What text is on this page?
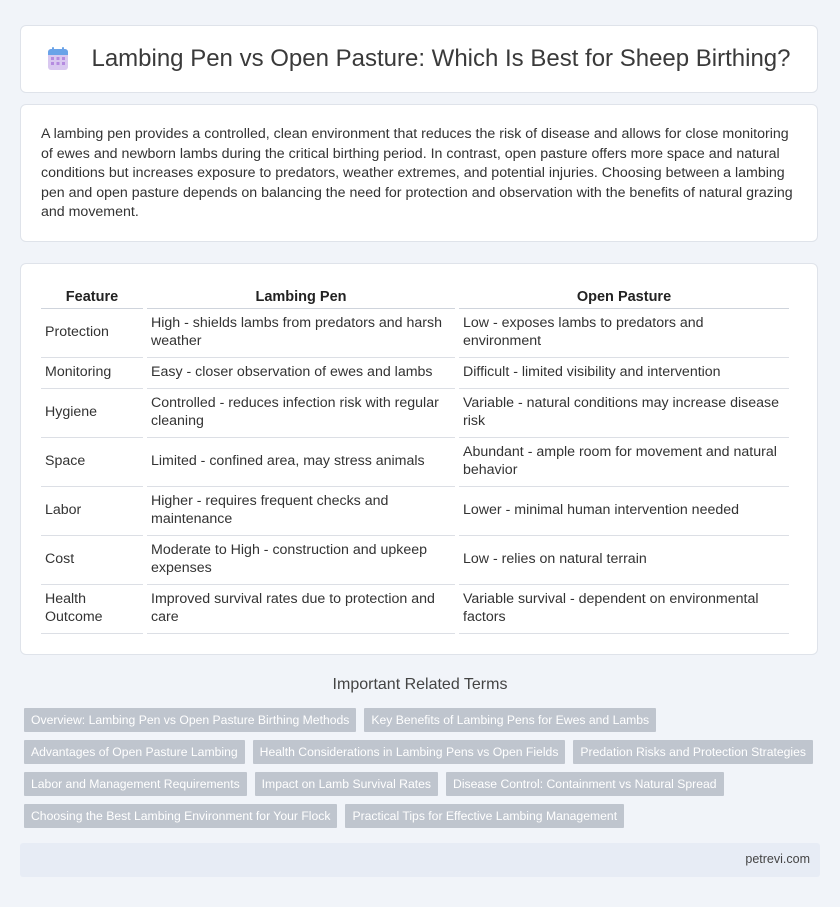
Lambing Pen vs Open Pasture: Which Is Best for Sheep Birthing?

A lambing pen provides a controlled, clean environment that reduces the risk of disease and allows for close monitoring of ewes and newborn lambs during the critical birthing period. In contrast, open pasture offers more space and natural conditions but increases exposure to predators, weather extremes, and potential injuries. Choosing between a lambing pen and open pasture depends on balancing the need for protection and observation with the benefits of natural grazing and movement.

Feature	Lambing Pen	Open Pasture
Protection	High - shields lambs from predators and harsh weather	Low - exposes lambs to predators and environment
Monitoring	Easy - closer observation of ewes and lambs	Difficult - limited visibility and intervention
Hygiene	Controlled - reduces infection risk with regular cleaning	Variable - natural conditions may increase disease risk
Space	Limited - confined area, may stress animals	Abundant - ample room for movement and natural behavior
Labor	Higher - requires frequent checks and maintenance	Lower - minimal human intervention needed
Cost	Moderate to High - construction and upkeep expenses	Low - relies on natural terrain
Health Outcome	Improved survival rates due to protection and care	Variable survival - dependent on environmental factors
Important Related Terms
Overview: Lambing Pen vs Open Pasture Birthing Methods	Key Benefits of Lambing Pens for Ewes and Lambs
Advantages of Open Pasture Lambing	Health Considerations in Lambing Pens vs Open Fields	Predation Risks and Protection Strategies
Labor and Management Requirements	Impact on Lamb Survival Rates	Disease Control: Containment vs Natural Spread
Choosing the Best Lambing Environment for Your Flock	Practical Tips for Effective Lambing Management
petrevi.com
